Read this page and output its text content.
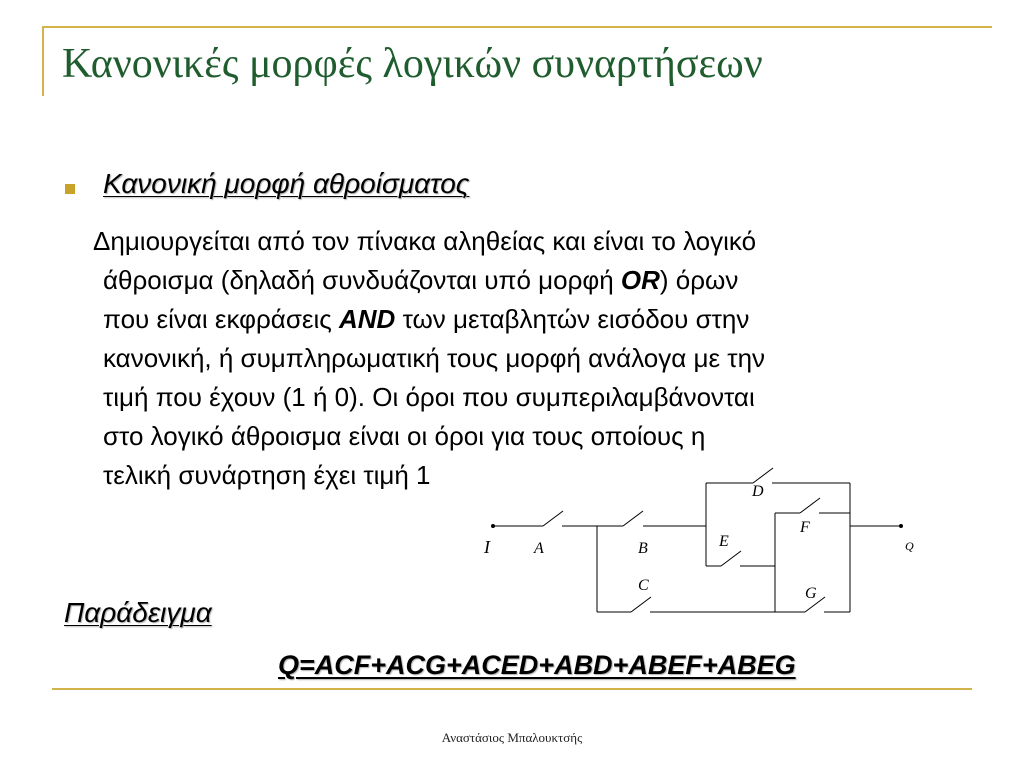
Κανονικές μορφές λογικών συναρτήσεων
Κανονική μορφή αθροίσματος

Δημιουργείται από τον πίνακα αληθείας και είναι το λογικό
άθροισμα (δηλαδή συνδυάζονται υπό μορφή OR) όρων
που είναι εκφράσεις AND των μεταβλητών εισόδου στην
κανονική, ή συμπληρωματική τους μορφή ανάλογα με την
τιμή που έχουν (1 ή 0). Οι όροι που συμπεριλαμβάνονται
στο λογικό άθροισμα είναι οι όροι για τους οποίους η
τελική συνάρτηση έχει τιμή 1

I	A	B
C
D
E
F
G
Q
Παράδειγμα
Q=ACF+ACG+ACED+ABD+ABEF+ABEG
Αναστάσιος Μπαλουκτσής
